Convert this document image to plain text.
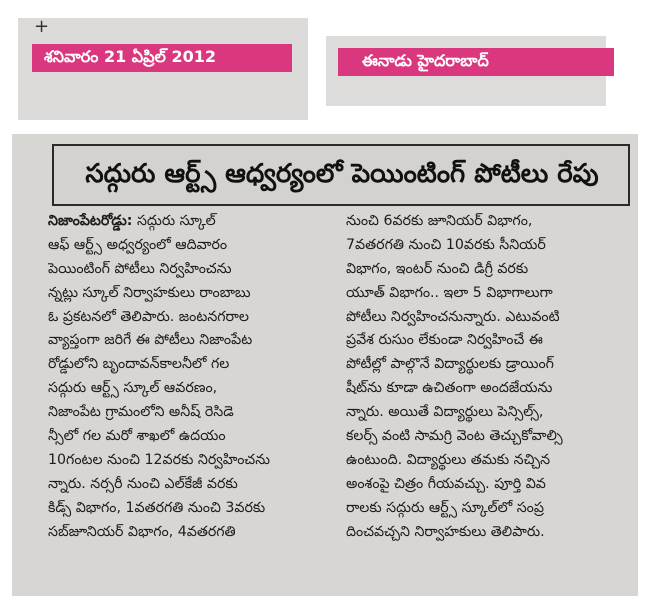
+
శనివారం 21 ఏప్రిల్ 2012	ఈనాడు హైదరాబాద్
సద్గురు ఆర్ట్స్ ఆధ్వర్యంలో పెయింటింగ్ పోటీలు రేపు
నిజాంపేటరోడ్డు: సద్గురు స్కూల్
ఆఫ్ ఆర్ట్స్ అధ్వర్యంలో ఆదివారం
పెయింటింగ్ పోటీలు నిర్వహించను
న్నట్లు స్కూల్ నిర్వాహకులు రాంబాబు
ఓ ప్రకటనలో తెలిపారు. జంటనగరాల
వ్యాప్తంగా జరిగే ఈ పోటీలు నిజాంపేట
రోడ్డులోని బృందావన్‌కాలనీలో గల
సద్గురు ఆర్ట్స్ స్కూల్ ఆవరణం,
నిజాంపేట గ్రామంలోని అనీష్ రెసిడె
న్సీలో గల మరో శాఖలో ఉదయం
10గంటల నుంచి 12వరకు నిర్వహించను
న్నారు. నర్సరీ నుంచి ఎల్‌కేజీ వరకు
కిడ్స్ విభాగం, 1వతరగతి నుంచి 3వరకు
సబ్‌జూనియర్ విభాగం, 4వతరగతి
నుంచి 6వరకు జూనియర్ విభాగం,
7వతరగతి నుంచి 10వరకు సీనియర్
విభాగం, ఇంటర్ నుంచి డిగ్రీ వరకు
యూత్ విభాగం.. ఇలా 5 విభాగాలుగా
పోటీలు నిర్వహించనున్నారు. ఎటువంటి
ప్రవేశ రుసుం లేకుండా నిర్వహించే ఈ
పోటీల్లో పాల్గొనే విద్యార్థులకు డ్రాయింగ్
షీట్‌ను కూడా ఉచితంగా అందజేయను
న్నారు. అయితే విద్యార్థులు పెన్సిల్స్,
కలర్స్ వంటి సామగ్రి వెంట తెచ్చుకోవాల్సి
ఉంటుంది. విద్యార్థులు తమకు నచ్చిన
అంశంపై చిత్రం గీయవచ్చు. పూర్తి వివ
రాలకు సద్గురు ఆర్ట్స్ స్కూల్‌లో సంప్ర
దించవచ్చని నిర్వాహకులు తెలిపారు.
